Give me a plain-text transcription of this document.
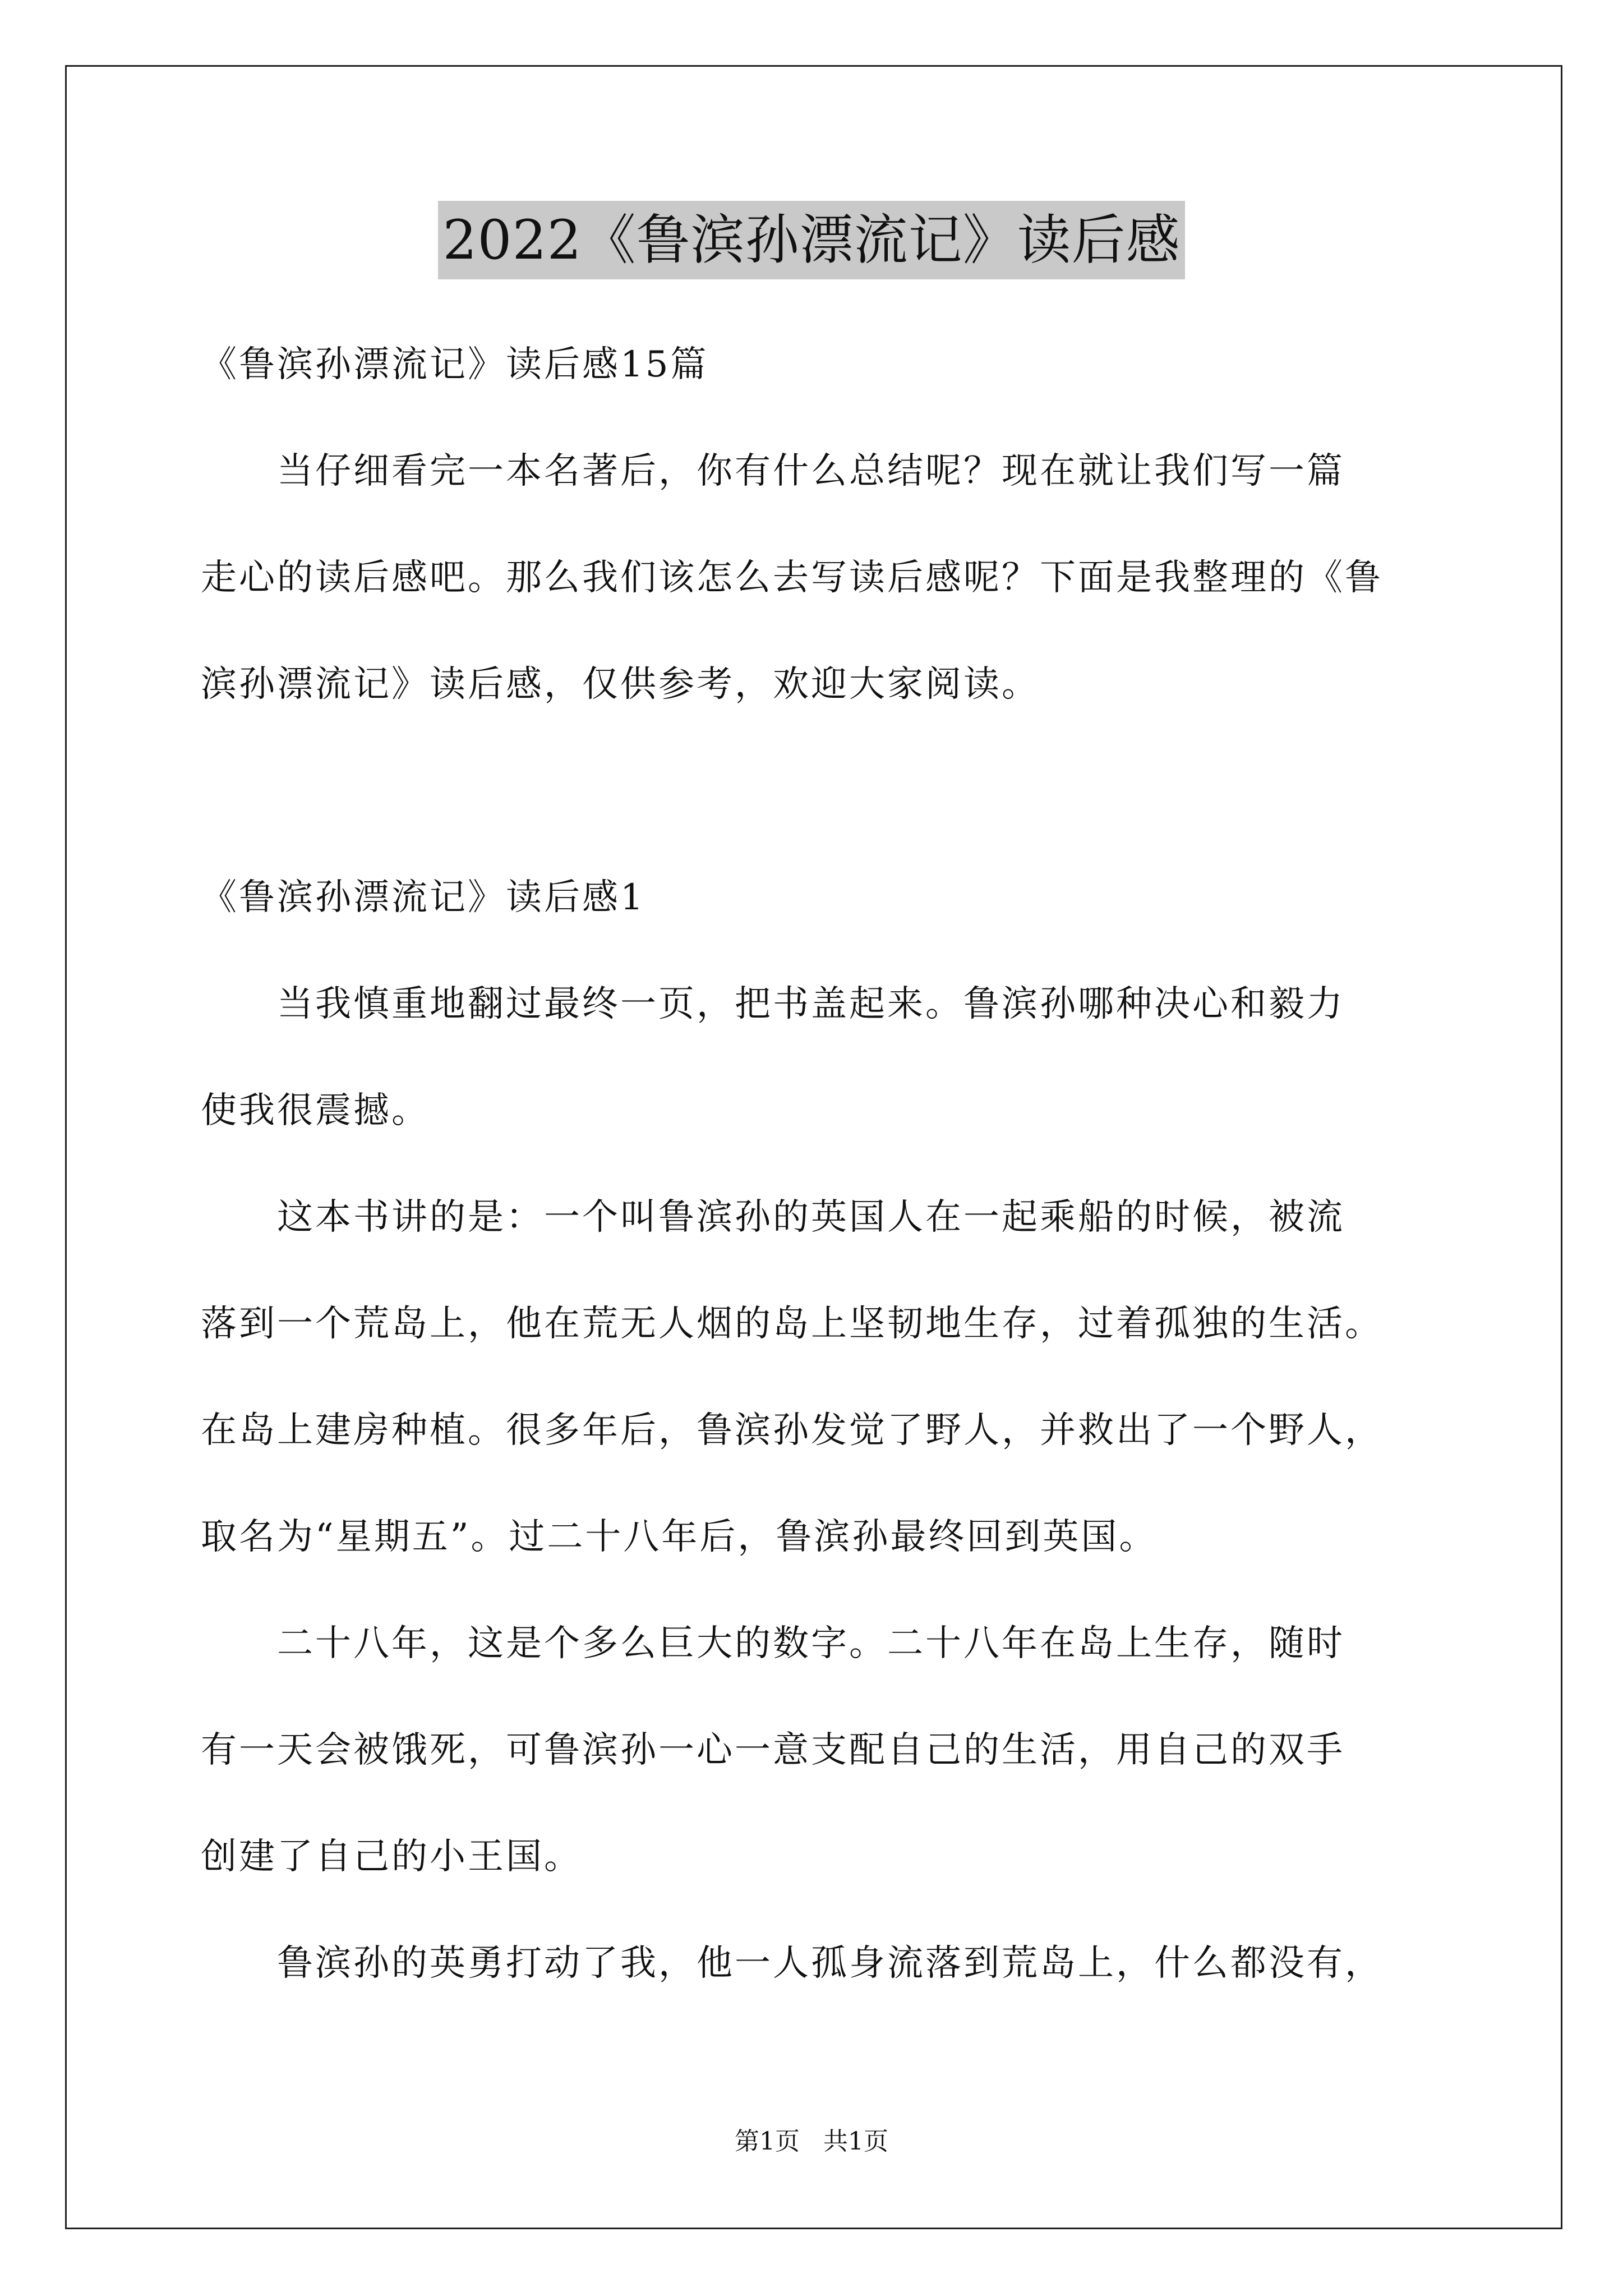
2022《鲁滨孙漂流记》读后感
《鲁滨孙漂流记》读后感15篇
　　当仔细看完一本名著后，你有什么总结呢？现在就让我们写一篇
走心的读后感吧。那么我们该怎么去写读后感呢？下面是我整理的《鲁
滨孙漂流记》读后感，仅供参考，欢迎大家阅读。
《鲁滨孙漂流记》读后感1
　　当我慎重地翻过最终一页，把书盖起来。鲁滨孙哪种决心和毅力
使我很震撼。
　　这本书讲的是：一个叫鲁滨孙的英国人在一起乘船的时候，被流
落到一个荒岛上，他在荒无人烟的岛上坚韧地生存，过着孤独的生活。
在岛上建房种植。很多年后，鲁滨孙发觉了野人，并救出了一个野人，
取名为“星期五”。过二十八年后，鲁滨孙最终回到英国。
　　二十八年，这是个多么巨大的数字。二十八年在岛上生存，随时
有一天会被饿死，可鲁滨孙一心一意支配自己的生活，用自己的双手
创建了自己的小王国。
　　鲁滨孙的英勇打动了我，他一人孤身流落到荒岛上，什么都没有，
第1页 共1页
